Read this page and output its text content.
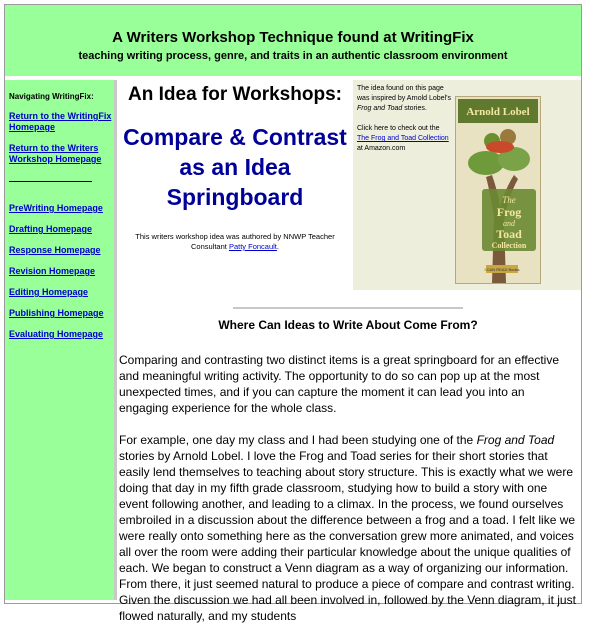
A Writers Workshop Technique found at WritingFix
teaching writing process, genre, and traits in an authentic classroom environment
Navigating WritingFix:
Return to the WritingFix Homepage
Return to the Writers Workshop Homepage
PreWriting Homepage
Drafting Homepage
Response Homepage
Revision Homepage
Editing Homepage
Publishing Homepage
Evaluating Homepage
An Idea for Workshops:
Compare & Contrast as an Idea Springboard
This writers workshop idea was authored by NNWP Teacher Consultant Patty Foncault.
The idea found on this page was inspired by Arnold Lobel's Frog and Toad stories.
Click here to check out the The Frog and Toad Collection at Amazon.com
Arnold Lobel
The
Frog
and
Toad
Collection
I CAN READ Books
Where Can Ideas to Write About Come From?

Comparing and contrasting two distinct items is a great springboard for an effective and meaningful writing activity. The opportunity to do so can pop up at the most unexpected times, and if you can capture the moment it can lead you into an engaging experience for the whole class.

For example, one day my class and I had been studying one of the Frog and Toad stories by Arnold Lobel. I love the Frog and Toad series for their short stories that easily lend themselves to teaching about story structure. This is exactly what we were doing that day in my fifth grade classroom, studying how to build a story with one event following another, and leading to a climax. In the process, we found ourselves embroiled in a discussion about the difference between a frog and a toad. I felt like we were really onto something here as the conversation grew more animated, and voices all over the room were adding their particular knowledge about the unique qualities of each. We began to construct a Venn diagram as a way of organizing our information. From there, it just seemed natural to produce a piece of compare and contrast writing. Given the discussion we had all been involved in, followed by the Venn diagram, it just flowed naturally, and my students
